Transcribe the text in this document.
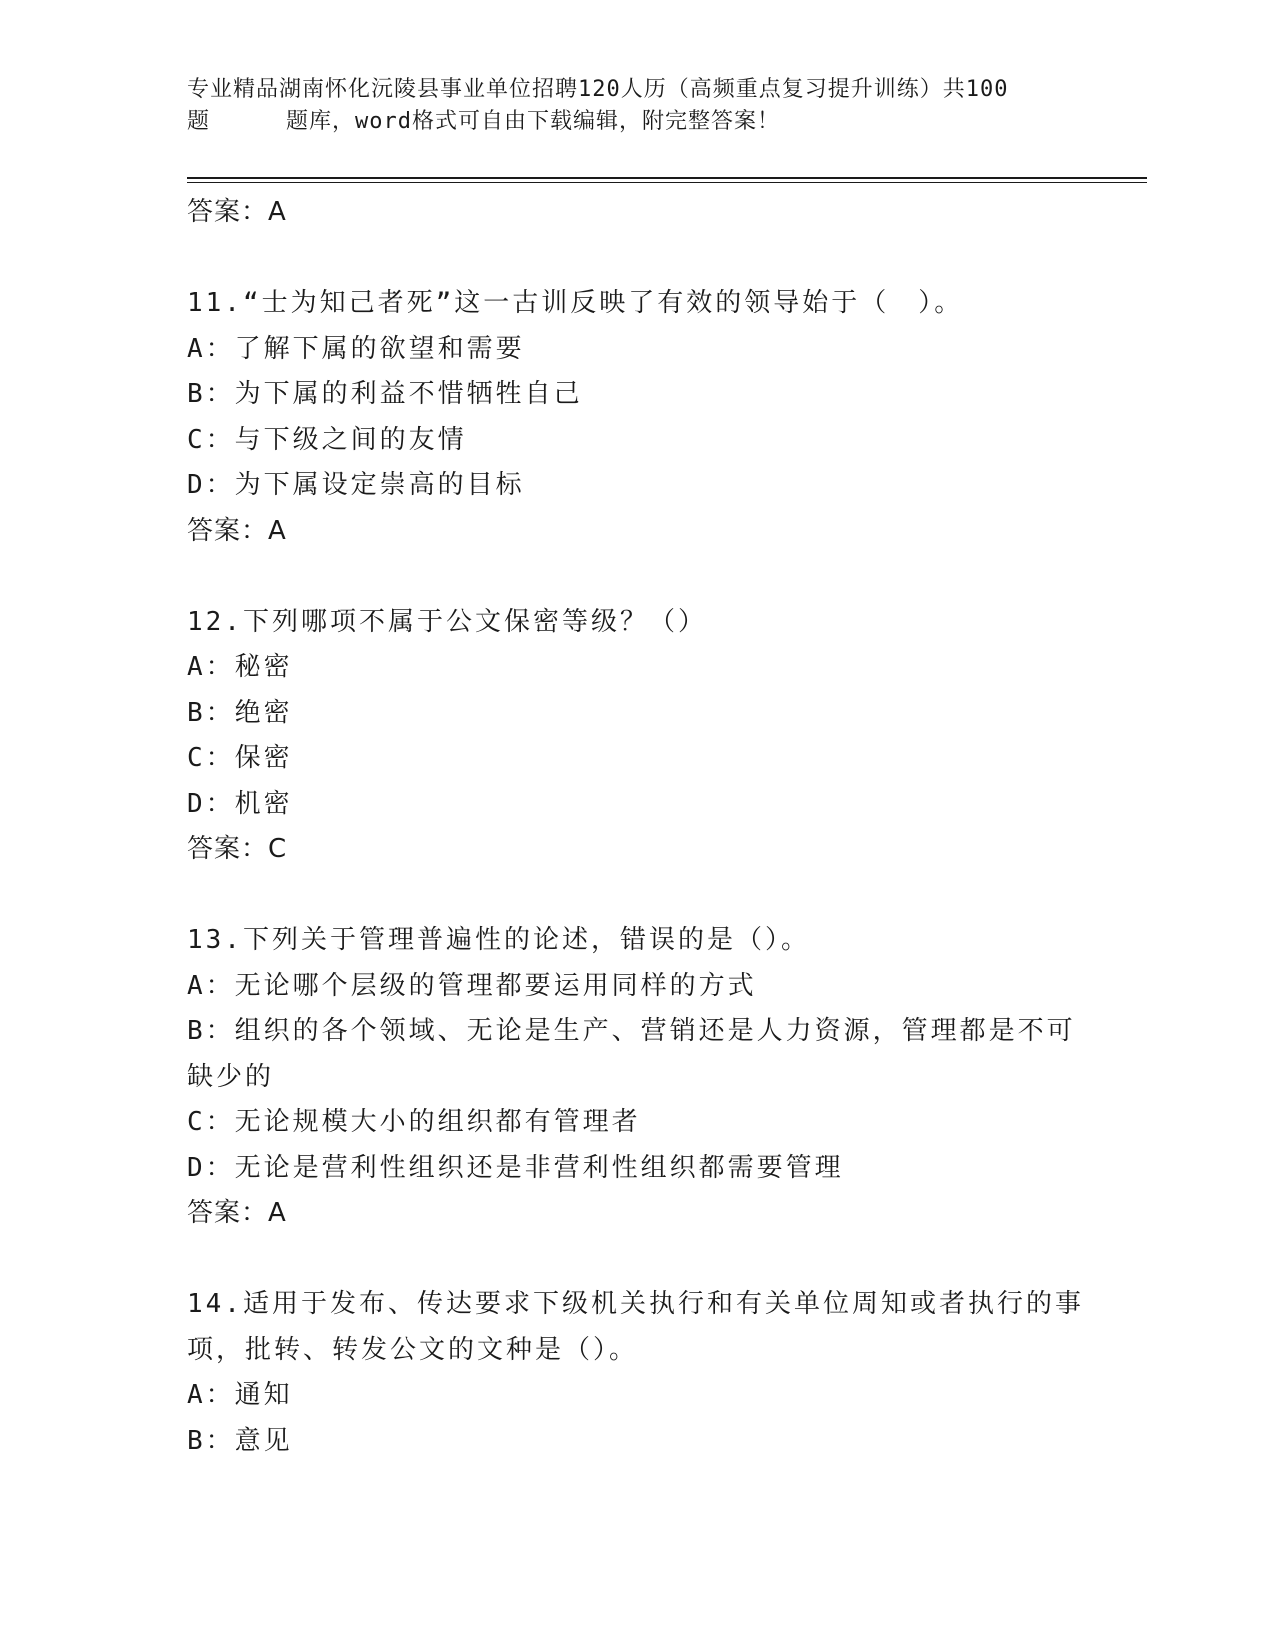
专业精品湖南怀化沅陵县事业单位招聘120人历（高频重点复习提升训练）共100
题	题库，word格式可自由下载编辑，附完整答案！
答案：A
11.“士为知己者死”这一古训反映了有效的领导始于（　）。
A：了解下属的欲望和需要
B：为下属的利益不惜牺牲自己
C：与下级之间的友情
D：为下属设定崇高的目标
答案：A
12.下列哪项不属于公文保密等级？（）
A：秘密
B：绝密
C：保密
D：机密
答案：C
13.下列关于管理普遍性的论述，错误的是（）。
A：无论哪个层级的管理都要运用同样的方式
B：组织的各个领域、无论是生产、营销还是人力资源，管理都是不可
缺少的
C：无论规模大小的组织都有管理者
D：无论是营利性组织还是非营利性组织都需要管理
答案：A
14.适用于发布、传达要求下级机关执行和有关单位周知或者执行的事
项，批转、转发公文的文种是（）。
A：通知
B：意见
